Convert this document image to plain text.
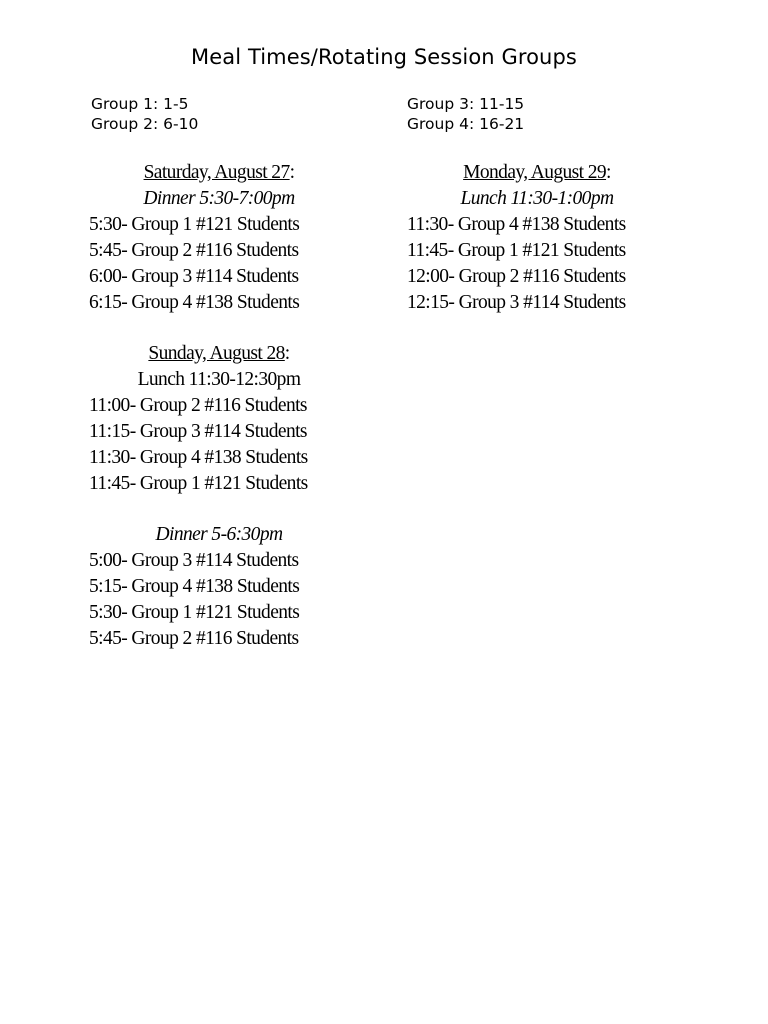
Meal Times/Rotating Session Groups
Group 1: 1-5
Group 2: 6-10
Group 3: 11-15
Group 4: 16-21
Saturday, August 27:
Dinner 5:30-7:00pm
5:30- Group 1 #121 Students
5:45- Group 2 #116 Students
6:00- Group 3 #114 Students
6:15- Group 4 #138 Students
Sunday, August 28:
Lunch 11:30-12:30pm
11:00- Group 2 #116 Students
11:15- Group 3 #114 Students
11:30- Group 4 #138 Students
11:45- Group 1 #121 Students
Dinner 5-6:30pm
5:00- Group 3 #114 Students
5:15- Group 4 #138 Students
5:30- Group 1 #121 Students
5:45- Group 2 #116 Students
Monday, August 29:
Lunch 11:30-1:00pm
11:30- Group 4 #138 Students
11:45- Group 1 #121 Students
12:00- Group 2 #116 Students
12:15- Group 3 #114 Students
